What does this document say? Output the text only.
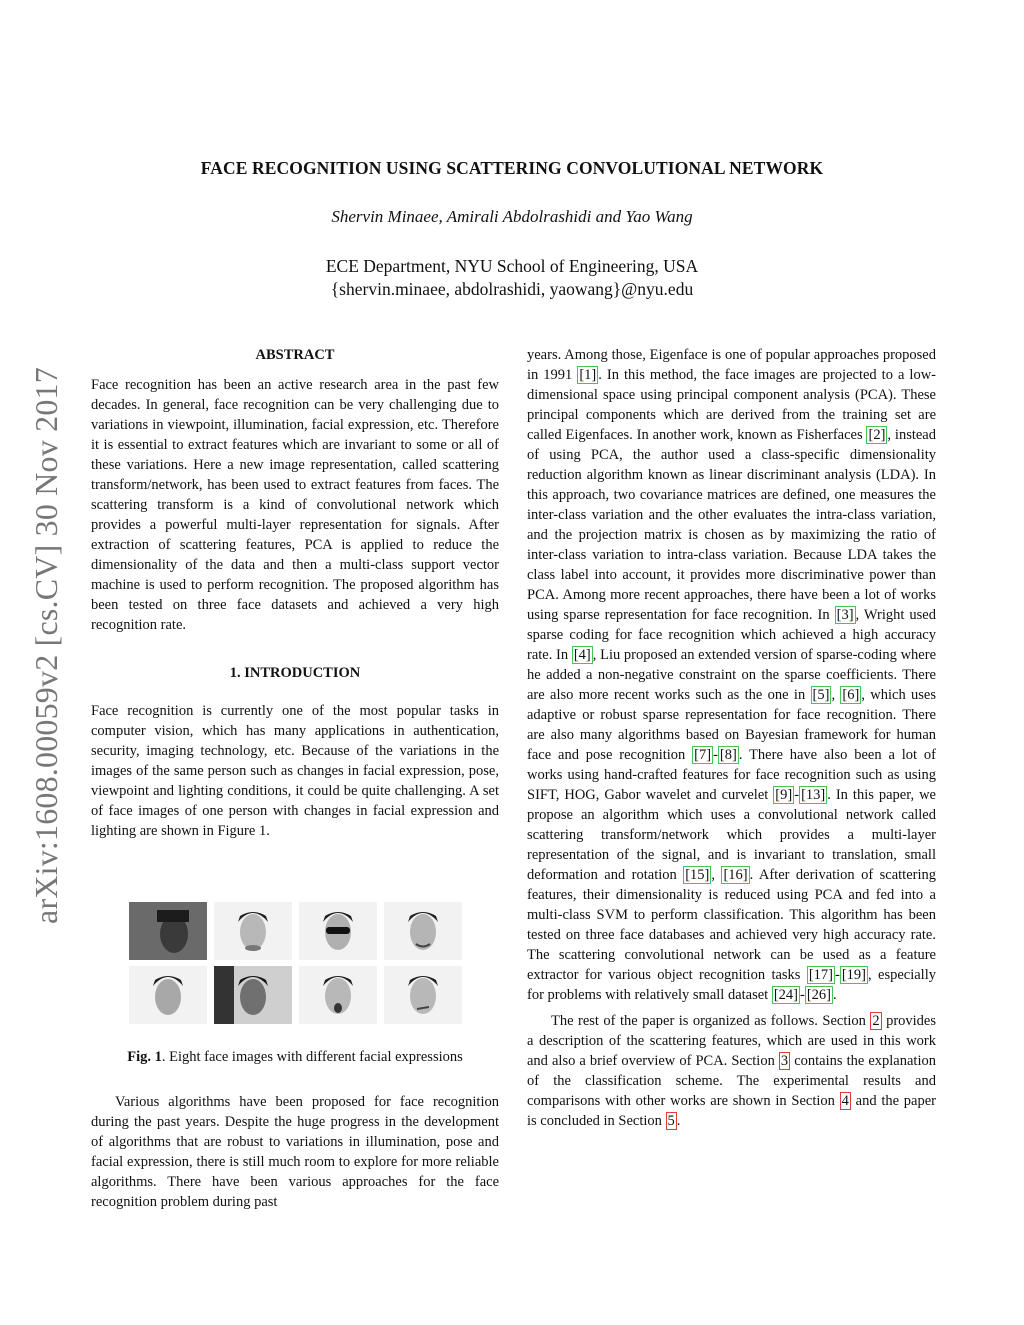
arXiv:1608.00059v2 [cs.CV] 30 Nov 2017
FACE RECOGNITION USING SCATTERING CONVOLUTIONAL NETWORK
Shervin Minaee, Amirali Abdolrashidi and Yao Wang
ECE Department, NYU School of Engineering, USA
{shervin.minaee, abdolrashidi, yaowang}@nyu.edu

ABSTRACT

Face recognition has been an active research area in the past few decades. In general, face recognition can be very challenging due to variations in viewpoint, illumination, facial expression, etc. Therefore it is essential to extract features which are invariant to some or all of these variations. Here a new image representation, called scattering transform/network, has been used to extract features from faces. The scattering transform is a kind of convolutional network which provides a powerful multi-layer representation for signals. After extraction of scattering features, PCA is applied to reduce the dimensionality of the data and then a multi-class support vector machine is used to perform recognition. The proposed algorithm has been tested on three face datasets and achieved a very high recognition rate.

1. INTRODUCTION

Face recognition is currently one of the most popular tasks in computer vision, which has many applications in authentication, security, imaging technology, etc. Because of the variations in the images of the same person such as changes in facial expression, pose, viewpoint and lighting conditions, it could be quite challenging. A set of face images of one person with changes in facial expression and lighting are shown in Figure 1.

Fig. 1. Eight face images with different facial expressions

Various algorithms have been proposed for face recognition during the past years. Despite the huge progress in the development of algorithms that are robust to variations in illumination, pose and facial expression, there is still much room to explore for more reliable algorithms. There have been various approaches for the face recognition problem during past

years. Among those, Eigenface is one of popular approaches proposed in 1991 [1] . In this method, the face images are projected to a low-dimensional space using principal component analysis (PCA). These principal components which are derived from the training set are called Eigenfaces. In another work, known as Fisherfaces [2] , instead of using PCA, the author used a class-specific dimensionality reduction algorithm known as linear discriminant analysis (LDA). In this approach, two covariance matrices are defined, one measures the inter-class variation and the other evaluates the intra-class variation, and the projection matrix is chosen as by maximizing the ratio of inter-class variation to intra-class variation. Because LDA takes the class label into account, it provides more discriminative power than PCA. Among more recent approaches, there have been a lot of works using sparse representation for face recognition. In [3] , Wright used sparse coding for face recognition which achieved a high accuracy rate. In [4] , Liu proposed an extended version of sparse-coding where he added a non-negative constraint on the sparse coefficients. There are also more recent works such as the one in [5] , [6] , which uses adaptive or robust sparse representation for face recognition. There are also many algorithms based on Bayesian framework for human face and pose recognition [7] - [8] . There have also been a lot of works using hand-crafted features for face recognition such as using SIFT, HOG, Gabor wavelet and curvelet [9] - [13] . In this paper, we propose an algorithm which uses a convolutional network called scattering transform/network which provides a multi-layer representation of the signal, and is invariant to translation, small deformation and rotation [15] , [16] . After derivation of scattering features, their dimensionality is reduced using PCA and fed into a multi-class SVM to perform classification. This algorithm has been tested on three face databases and achieved very high accuracy rate. The scattering convolutional network can be used as a feature extractor for various object recognition tasks [17] - [19] , especially for problems with relatively small dataset [24] - [26] .

The rest of the paper is organized as follows. Section 2 provides a description of the scattering features, which are used in this work and also a brief overview of PCA. Section 3 contains the explanation of the classification scheme. The experimental results and comparisons with other works are shown in Section 4 and the paper is concluded in Section 5 .
